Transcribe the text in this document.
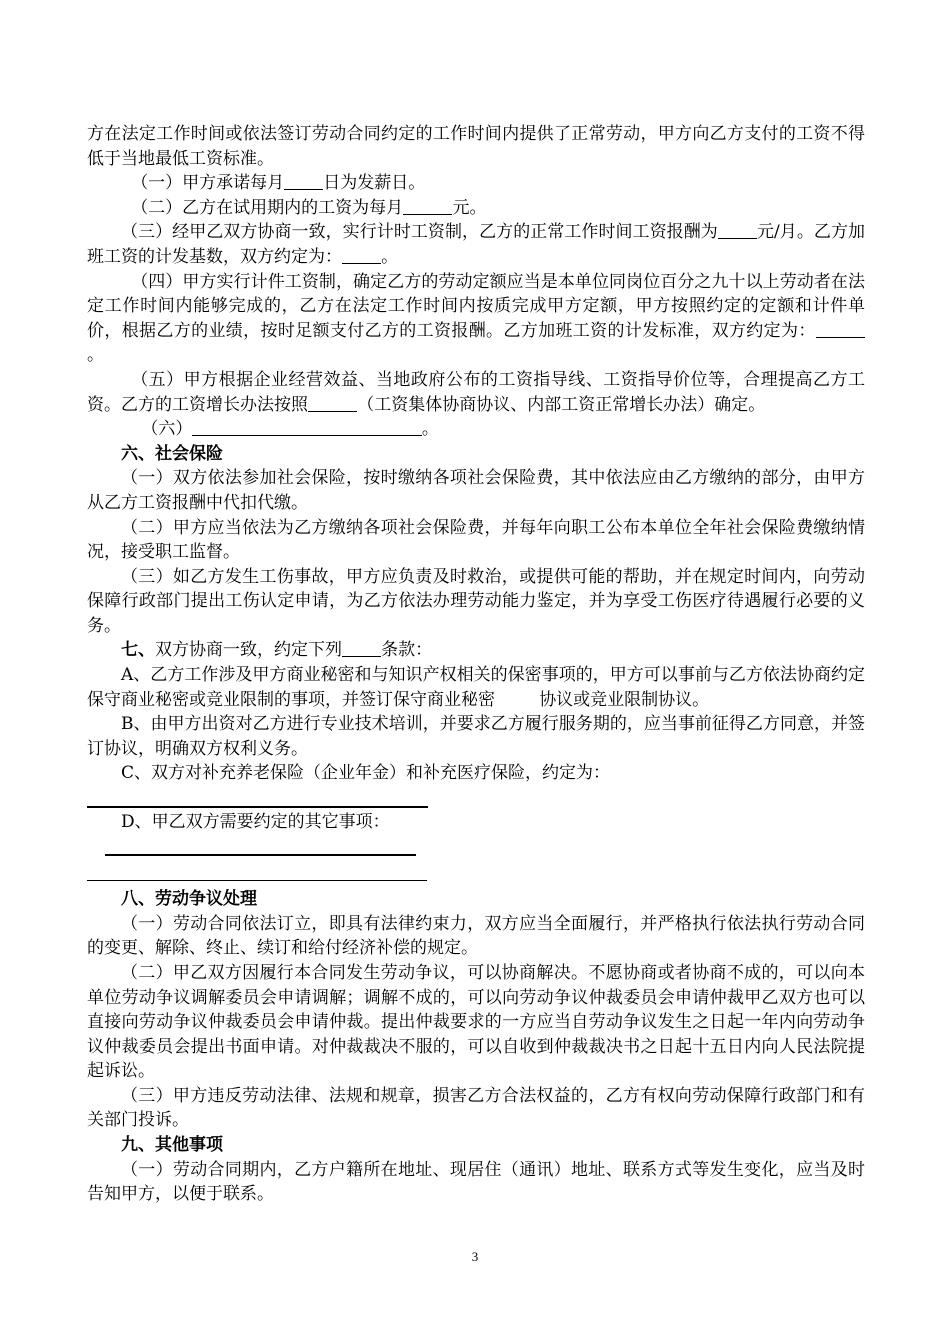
方在法定工作时间或依法签订劳动合同约定的工作时间内提供了正常劳动，甲方向乙方支付的工资不得低于当地最低工资标准。

（一）甲方承诺每月 日为发薪日。

（二）乙方在试用期内的工资为每月	元。

（三）经甲乙双方协商一致，实行计时工资制，乙方的正常工作时间工资报酬为 元/月。乙方加班工资的计发基数，双方约定为： 。

（四）甲方实行计件工资制，确定乙方的劳动定额应当是本单位同岗位百分之九十以上劳动者在法定工作时间内能够完成的，乙方在法定工作时间内按质完成甲方定额，甲方按照约定的定额和计件单价，根据乙方的业绩，按时足额支付乙方的工资报酬。乙方加班工资的计发标准，双方约定为：。

（五）甲方根据企业经营效益、当地政府公布的工资指导线、工资指导价位等，合理提高乙方工资。乙方的工资增长办法按照	（工资集体协商协议、内部工资正常增长办法）确定。

（六）	。

六、社会保险

（一）双方依法参加社会保险，按时缴纳各项社会保险费，其中依法应由乙方缴纳的部分，由甲方从乙方工资报酬中代扣代缴。

（二）甲方应当依法为乙方缴纳各项社会保险费，并每年向职工公布本单位全年社会保险费缴纳情况，接受职工监督。

（三）如乙方发生工伤事故，甲方应负责及时救治，或提供可能的帮助，并在规定时间内，向劳动保障行政部门提出工伤认定申请，为乙方依法办理劳动能力鉴定，并为享受工伤医疗待遇履行必要的义务。

七、双方协商一致，约定下列 条款：

A、乙方工作涉及甲方商业秘密和与知识产权相关的保密事项的，甲方可以事前与乙方依法协商约定保守商业秘密或竞业限制的事项，并签订保守商业秘密	协议或竞业限制协议。

B、由甲方出资对乙方进行专业技术培训，并要求乙方履行服务期的，应当事前征得乙方同意，并签订协议，明确双方权利义务。

C、双方对补充养老保险（企业年金）和补充医疗保险，约定为：

D、甲乙双方需要约定的其它事项：

八、劳动争议处理

（一）劳动合同依法订立，即具有法律约束力，双方应当全面履行，并严格执行依法执行劳动合同的变更、解除、终止、续订和给付经济补偿的规定。

（二）甲乙双方因履行本合同发生劳动争议，可以协商解决。不愿协商或者协商不成的，可以向本单位劳动争议调解委员会申请调解；调解不成的，可以向劳动争议仲裁委员会申请仲裁甲乙双方也可以直接向劳动争议仲裁委员会申请仲裁。提出仲裁要求的一方应当自劳动争议发生之日起一年内向劳动争议仲裁委员会提出书面申请。对仲裁裁决不服的，可以自收到仲裁裁决书之日起十五日内向人民法院提起诉讼。

（三）甲方违反劳动法律、法规和规章，损害乙方合法权益的，乙方有权向劳动保障行政部门和有关部门投诉。

九、其他事项

（一）劳动合同期内，乙方户籍所在地址、现居住（通讯）地址、联系方式等发生变化，应当及时告知甲方，以便于联系。

3
